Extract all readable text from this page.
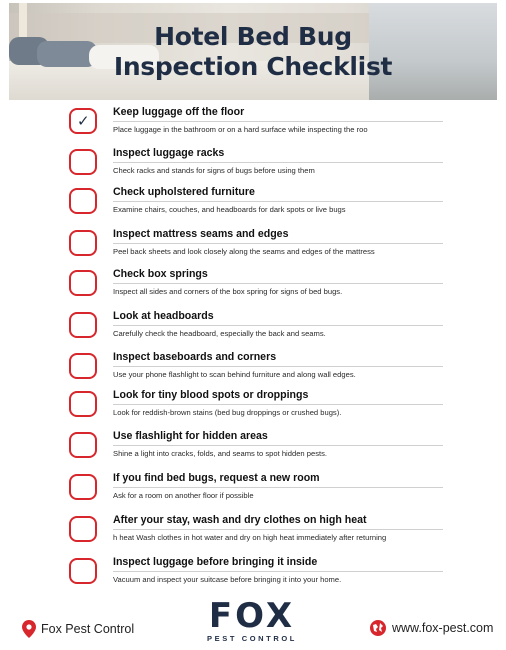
Hotel Bed Bug
Inspection Checklist
✓ Keep luggage off the floor
Place luggage in the bathroom or on a hard surface while inspecting the roo
Inspect luggage racks
Check racks and stands for signs of bugs before using them
Check upholstered furniture
Examine chairs, couches, and headboards for dark spots or live bugs
Inspect mattress seams and edges
Peel back sheets and look closely along the seams and edges of the mattress
Check box springs
Inspect all sides and corners of the box spring for signs of bed bugs.
Look at headboards
Carefully check the headboard, especially the back and seams.
Inspect baseboards and corners
Use your phone flashlight to scan behind furniture and along wall edges.
Look for tiny blood spots or droppings
Look for reddish-brown stains (bed bug droppings or crushed bugs).
Use flashlight for hidden areas
Shine a light into cracks, folds, and seams to spot hidden pests.
If you find bed bugs, request a new room
Ask for a room on another floor if possible
After your stay, wash and dry clothes on high heat
h heat Wash clothes in hot water and dry on high heat immediately after returning
Inspect luggage before bringing it inside
Vacuum and inspect your suitcase before bringing it into your home.
Fox Pest Control	FOX
PEST CONTROL
www.fox-pest.com
